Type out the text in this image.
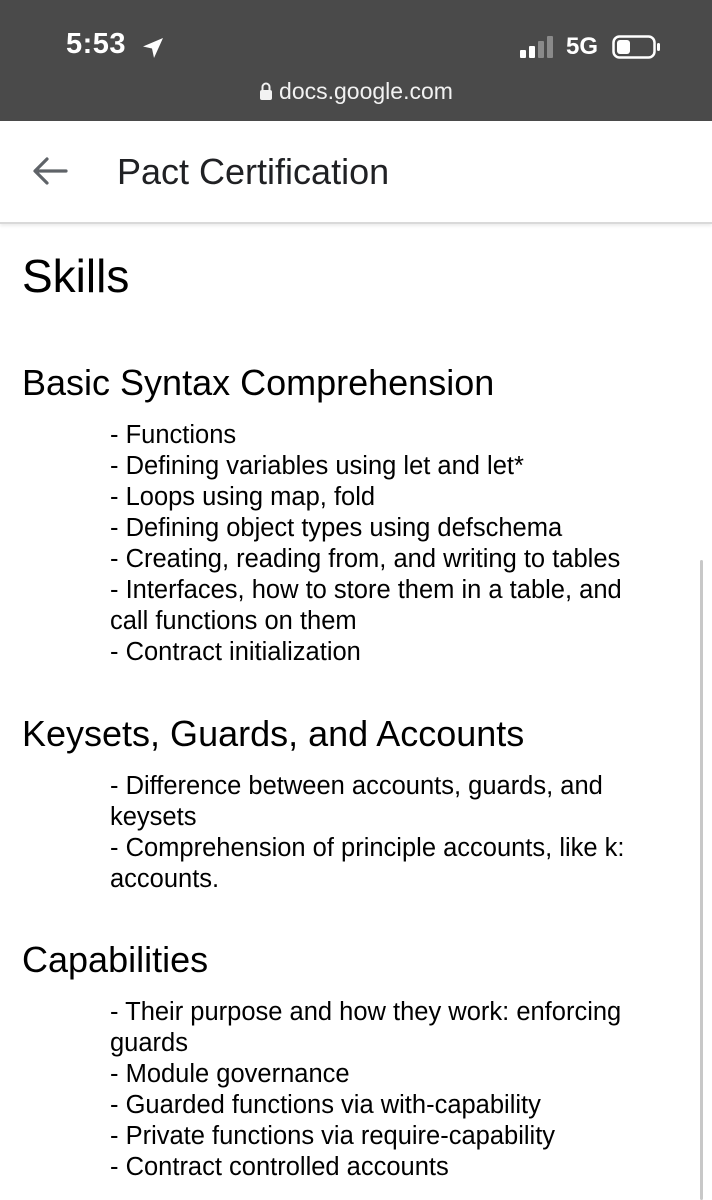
5:53	5G
docs.google.com
Pact Certification
Skills
Basic Syntax Comprehension
- Functions
- Defining variables using let and let*
- Loops using map, fold
- Defining object types using defschema
- Creating, reading from, and writing to tables
- Interfaces, how to store them in a table, and
call functions on them
- Contract initialization
Keysets, Guards, and Accounts
- Difference between accounts, guards, and
keysets
- Comprehension of principle accounts, like k:
accounts.
Capabilities
- Their purpose and how they work: enforcing
guards
- Module governance
- Guarded functions via with-capability
- Private functions via require-capability
- Contract controlled accounts
